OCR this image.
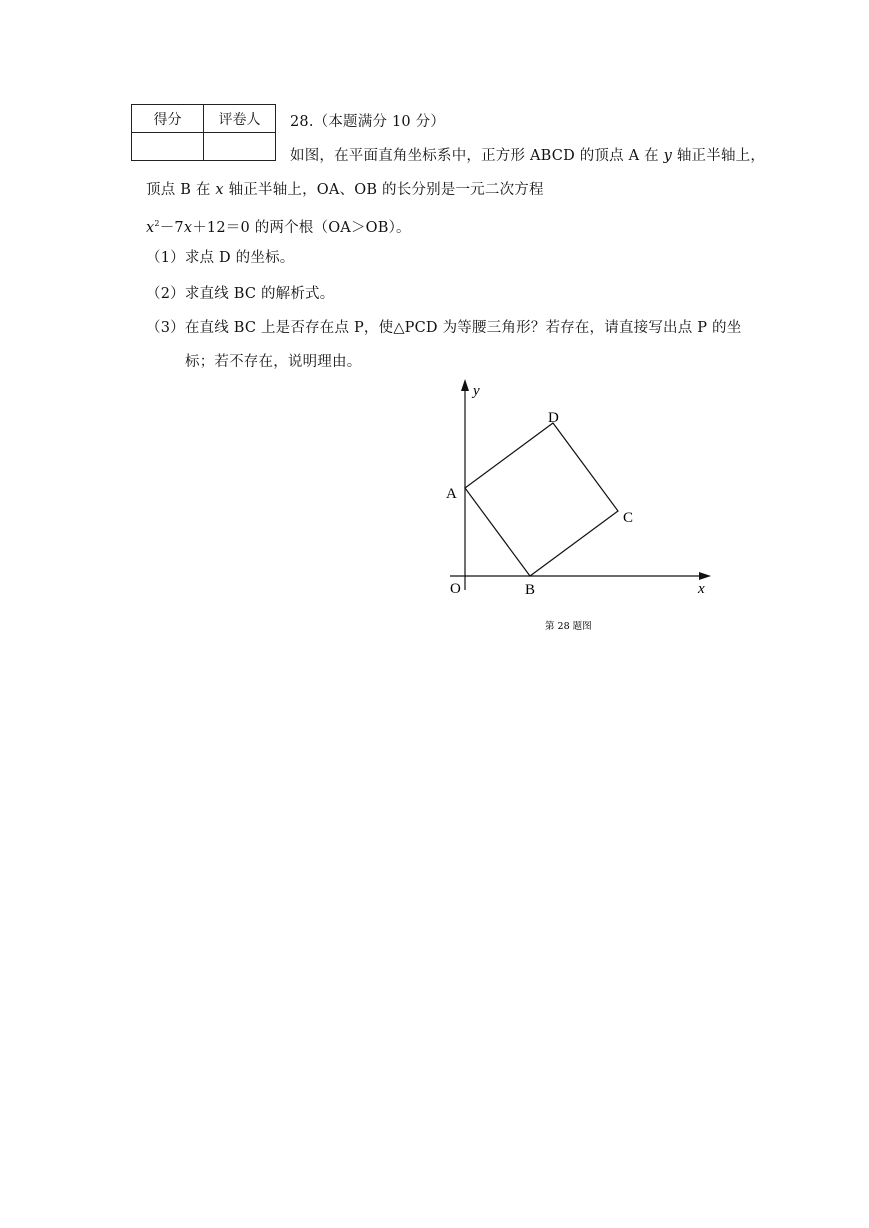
得分	评卷人
	28.（本题满分 10 分）
如图，在平面直角坐标系中，正方形 ABCD 的顶点 A 在 y 轴正半轴上，
顶点 B 在 x 轴正半轴上，OA、OB 的长分别是一元二次方程
$x^2-7x+12=0$ 的两个根（OA＞OB）。
（1）求点 D 的坐标。
（2）求直线 BC 的解析式。
（3）在直线 BC 上是否存在点 P，使△PCD 为等腰三角形？若存在，请直接写出点 P 的坐
标；若不存在，说明理由。
y
x
O
A
B
C
D
第 28 题图
